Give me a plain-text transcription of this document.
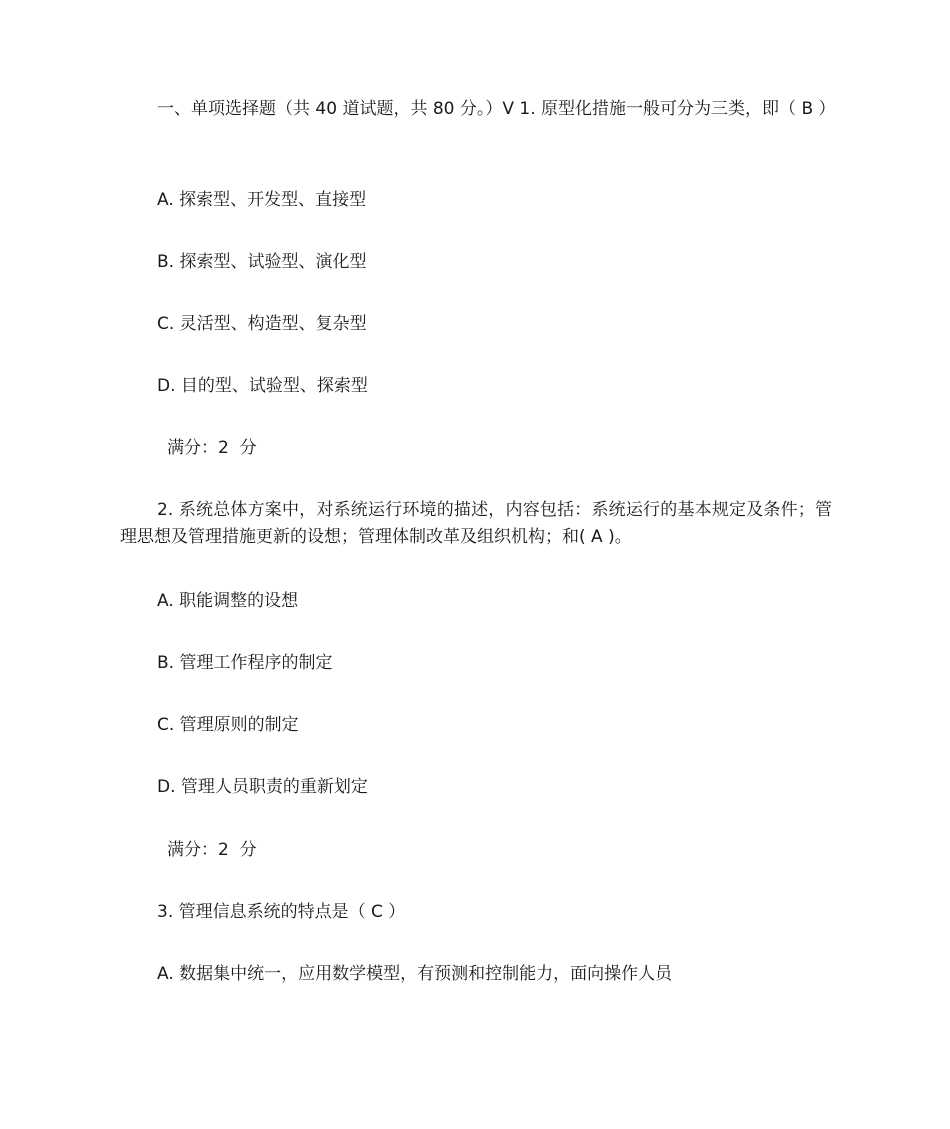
一、单项选择题（共 40 道试题，共 80 分。）V 1. 原型化措施一般可分为三类，即（ B ）
A. 探索型、开发型、直接型
B. 探索型、试验型、演化型
C. 灵活型、构造型、复杂型
D. 目的型、试验型、探索型
满分：2  分
2. 系统总体方案中，对系统运行环境的描述，内容包括：系统运行的基本规定及条件；管理思想及管理措施更新的设想；管理体制改革及组织机构；和( A )。
A. 职能调整的设想
B. 管理工作程序的制定
C. 管理原则的制定
D. 管理人员职责的重新划定
满分：2  分
3. 管理信息系统的特点是（ C ）
A. 数据集中统一，应用数学模型，有预测和控制能力，面向操作人员
